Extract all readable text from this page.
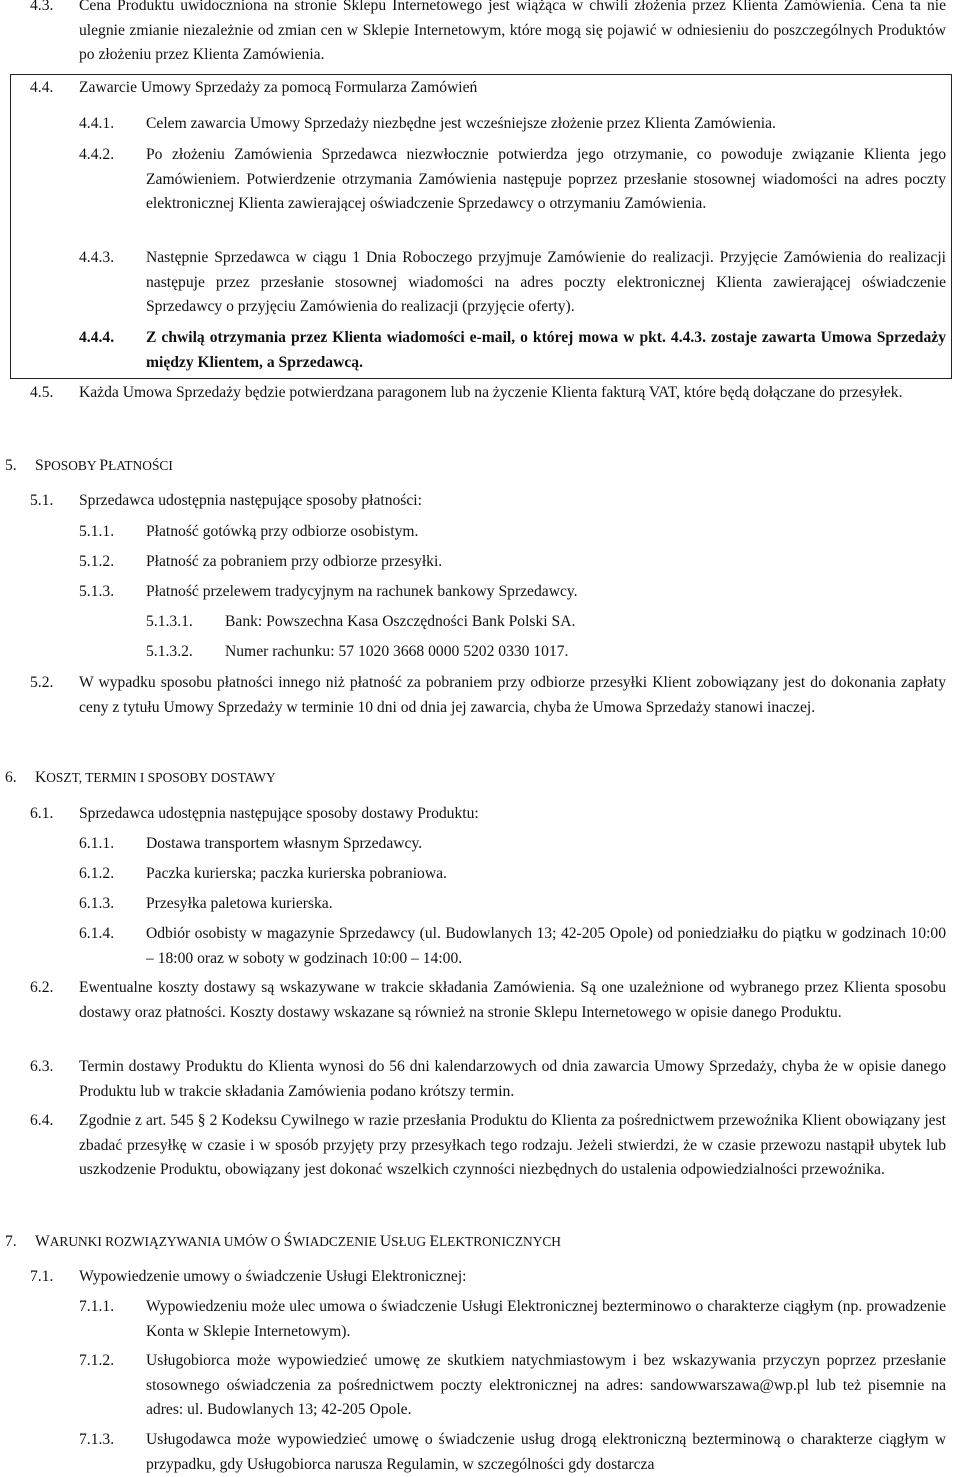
4.3.	Cena Produktu uwidoczniona na stronie Sklepu Internetowego jest wiążąca w chwili złożenia przez Klienta Zamówienia. Cena ta nie ulegnie zmianie niezależnie od zmian cen w Sklepie Internetowym, które mogą się pojawić w odniesieniu do poszczególnych Produktów po złożeniu przez Klienta Zamówienia.
4.4.	Zawarcie Umowy Sprzedaży za pomocą Formularza Zamówień
4.4.1.	Celem zawarcia Umowy Sprzedaży niezbędne jest wcześniejsze złożenie przez Klienta Zamówienia.
4.4.2.	Po złożeniu Zamówienia Sprzedawca niezwłocznie potwierdza jego otrzymanie, co powoduje związanie Klienta jego Zamówieniem. Potwierdzenie otrzymania Zamówienia następuje poprzez przesłanie stosownej wiadomości na adres poczty elektronicznej Klienta zawierającej oświadczenie Sprzedawcy o otrzymaniu Zamówienia.
4.4.3.	Następnie Sprzedawca w ciągu 1 Dnia Roboczego przyjmuje Zamówienie do realizacji. Przyjęcie Zamówienia do realizacji następuje przez przesłanie stosownej wiadomości na adres poczty elektronicznej Klienta zawierającej oświadczenie Sprzedawcy o przyjęciu Zamówienia do realizacji (przyjęcie oferty).
4.4.4.	Z chwilą otrzymania przez Klienta wiadomości e-mail, o której mowa w pkt. 4.4.3. zostaje zawarta Umowa Sprzedaży między Klientem, a Sprzedawcą.
4.5.	Każda Umowa Sprzedaży będzie potwierdzana paragonem lub na życzenie Klienta fakturą VAT, które będą dołączane do przesyłek.
5.	SPOSOBY PŁATNOŚCI
5.1.	Sprzedawca udostępnia następujące sposoby płatności:
5.1.1.	Płatność gotówką przy odbiorze osobistym.
5.1.2.	Płatność za pobraniem przy odbiorze przesyłki.
5.1.3.	Płatność przelewem tradycyjnym na rachunek bankowy Sprzedawcy.
5.1.3.1.	Bank: Powszechna Kasa Oszczędności Bank Polski SA.
5.1.3.2.	Numer rachunku: 57 1020 3668 0000 5202 0330 1017.
5.2.	W wypadku sposobu płatności innego niż płatność za pobraniem przy odbiorze przesyłki Klient zobowiązany jest do dokonania zapłaty ceny z tytułu Umowy Sprzedaży w terminie 10 dni od dnia jej zawarcia, chyba że Umowa Sprzedaży stanowi inaczej.
6.	KOSZT, TERMIN I SPOSOBY DOSTAWY
6.1.	Sprzedawca udostępnia następujące sposoby dostawy Produktu:
6.1.1.	Dostawa transportem własnym Sprzedawcy.
6.1.2.	Paczka kurierska; paczka kurierska pobraniowa.
6.1.3.	Przesyłka paletowa kurierska.
6.1.4.	Odbiór osobisty w magazynie Sprzedawcy (ul. Budowlanych 13; 42-205 Opole) od poniedziałku do piątku w godzinach 10:00 – 18:00 oraz w soboty w godzinach 10:00 – 14:00.
6.2.	Ewentualne koszty dostawy są wskazywane w trakcie składania Zamówienia. Są one uzależnione od wybranego przez Klienta sposobu dostawy oraz płatności. Koszty dostawy wskazane są również na stronie Sklepu Internetowego w opisie danego Produktu.
6.3.	Termin dostawy Produktu do Klienta wynosi do 56 dni kalendarzowych od dnia zawarcia Umowy Sprzedaży, chyba że w opisie danego Produktu lub w trakcie składania Zamówienia podano krótszy termin.
6.4.	Zgodnie z art. 545 § 2 Kodeksu Cywilnego w razie przesłania Produktu do Klienta za pośrednictwem przewoźnika Klient obowiązany jest zbadać przesyłkę w czasie i w sposób przyjęty przy przesyłkach tego rodzaju. Jeżeli stwierdzi, że w czasie przewozu nastąpił ubytek lub uszkodzenie Produktu, obowiązany jest dokonać wszelkich czynności niezbędnych do ustalenia odpowiedzialności przewoźnika.
7.	WARUNKI ROZWIĄZYWANIA UMÓW O ŚWIADCZENIE USŁUG ELEKTRONICZNYCH
7.1.	Wypowiedzenie umowy o świadczenie Usługi Elektronicznej:
7.1.1.	Wypowiedzeniu może ulec umowa o świadczenie Usługi Elektronicznej bezterminowo o charakterze ciągłym (np. prowadzenie Konta w Sklepie Internetowym).
7.1.2.	Usługobiorca może wypowiedzieć umowę ze skutkiem natychmiastowym i bez wskazywania przyczyn poprzez przesłanie stosownego oświadczenia za pośrednictwem poczty elektronicznej na adres: sandowwarszawa@wp.pl lub też pisemnie na adres: ul. Budowlanych 13; 42-205 Opole.
7.1.3.	Usługodawca może wypowiedzieć umowę o świadczenie usług drogą elektroniczną bezterminową o charakterze ciągłym w przypadku, gdy Usługobiorca narusza Regulamin, w szczególności gdy dostarcza
